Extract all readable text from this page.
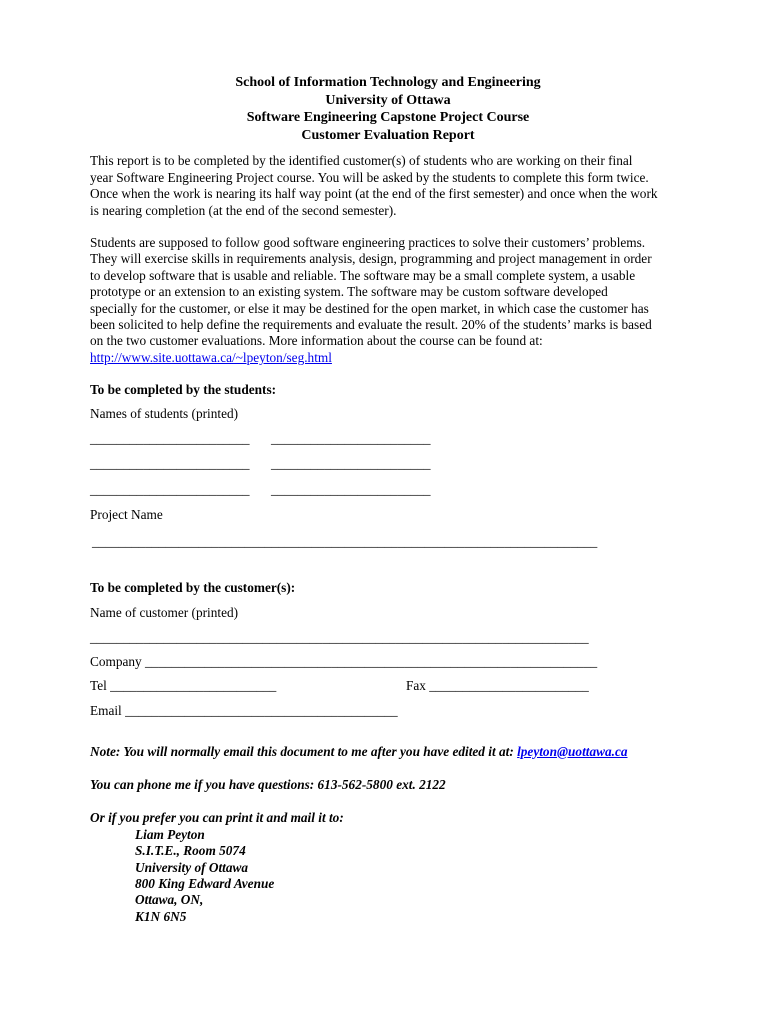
School of Information Technology and Engineering
University of Ottawa
Software Engineering Capstone Project Course
Customer Evaluation Report
This report is to be completed by the identified customer(s) of students who are working on their final
year Software Engineering Project course. You will be asked by the students to complete this form twice.
Once when the work is nearing its half way point (at the end of the first semester) and once when the work
is nearing completion (at the end of the second semester).
Students are supposed to follow good software engineering practices to solve their customers’ problems.
They will exercise skills in requirements analysis, design, programming and project management in order
to develop software that is usable and reliable. The software may be a small complete system, a usable
prototype or an extension to an existing system. The software may be custom software developed
specially for the customer, or else it may be destined for the open market, in which case the customer has
been solicited to help define the requirements and evaluate the result. 20% of the students’ marks is based
on the two customer evaluations. More information about the course can be found at:
http://www.site.uottawa.ca/~lpeyton/seg.html
To be completed by the students:
Names of students (printed)
________________________	________________________
________________________	________________________
________________________	________________________
Project Name
____________________________________________________________________________
To be completed by the customer(s):
Name of customer (printed)
___________________________________________________________________________
Company ____________________________________________________________________
Tel _________________________	Fax ________________________
Email _________________________________________
Note: You will normally email this document to me after you have edited it at: lpeyton@uottawa.ca
You can phone me if you have questions: 613-562-5800 ext. 2122
Or if you prefer you can print it and mail it to:
Liam Peyton
S.I.T.E., Room 5074
University of Ottawa
800 King Edward Avenue
Ottawa, ON,
K1N 6N5
